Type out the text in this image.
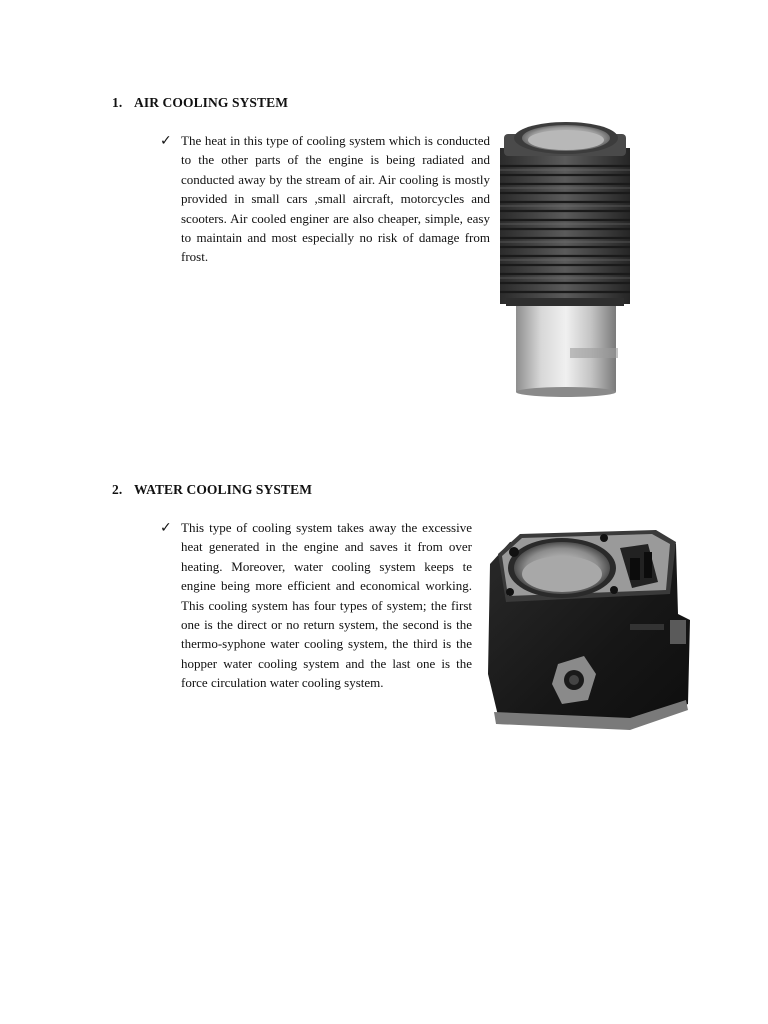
1. AIR COOLING SYSTEM
✓ The heat in this type of cooling system which is conducted to the other parts of the engine is being radiated and conducted away by the stream of air. Air cooling is mostly provided in small cars ,small aircraft, motorcycles and scooters. Air cooled enginer are also cheaper, simple, easy to maintain and most especially no risk of damage from frost.
2. WATER COOLING SYSTEM
✓ This type of cooling system takes away the excessive heat generated in the engine and saves it from over heating. Moreover, water cooling system keeps te engine being more efficient and economical working. This cooling system has four types of system; the first one is the direct or no return system, the second is the thermo-syphone water cooling system, the third is the hopper water cooling system and the last one is the force circulation water cooling system.
